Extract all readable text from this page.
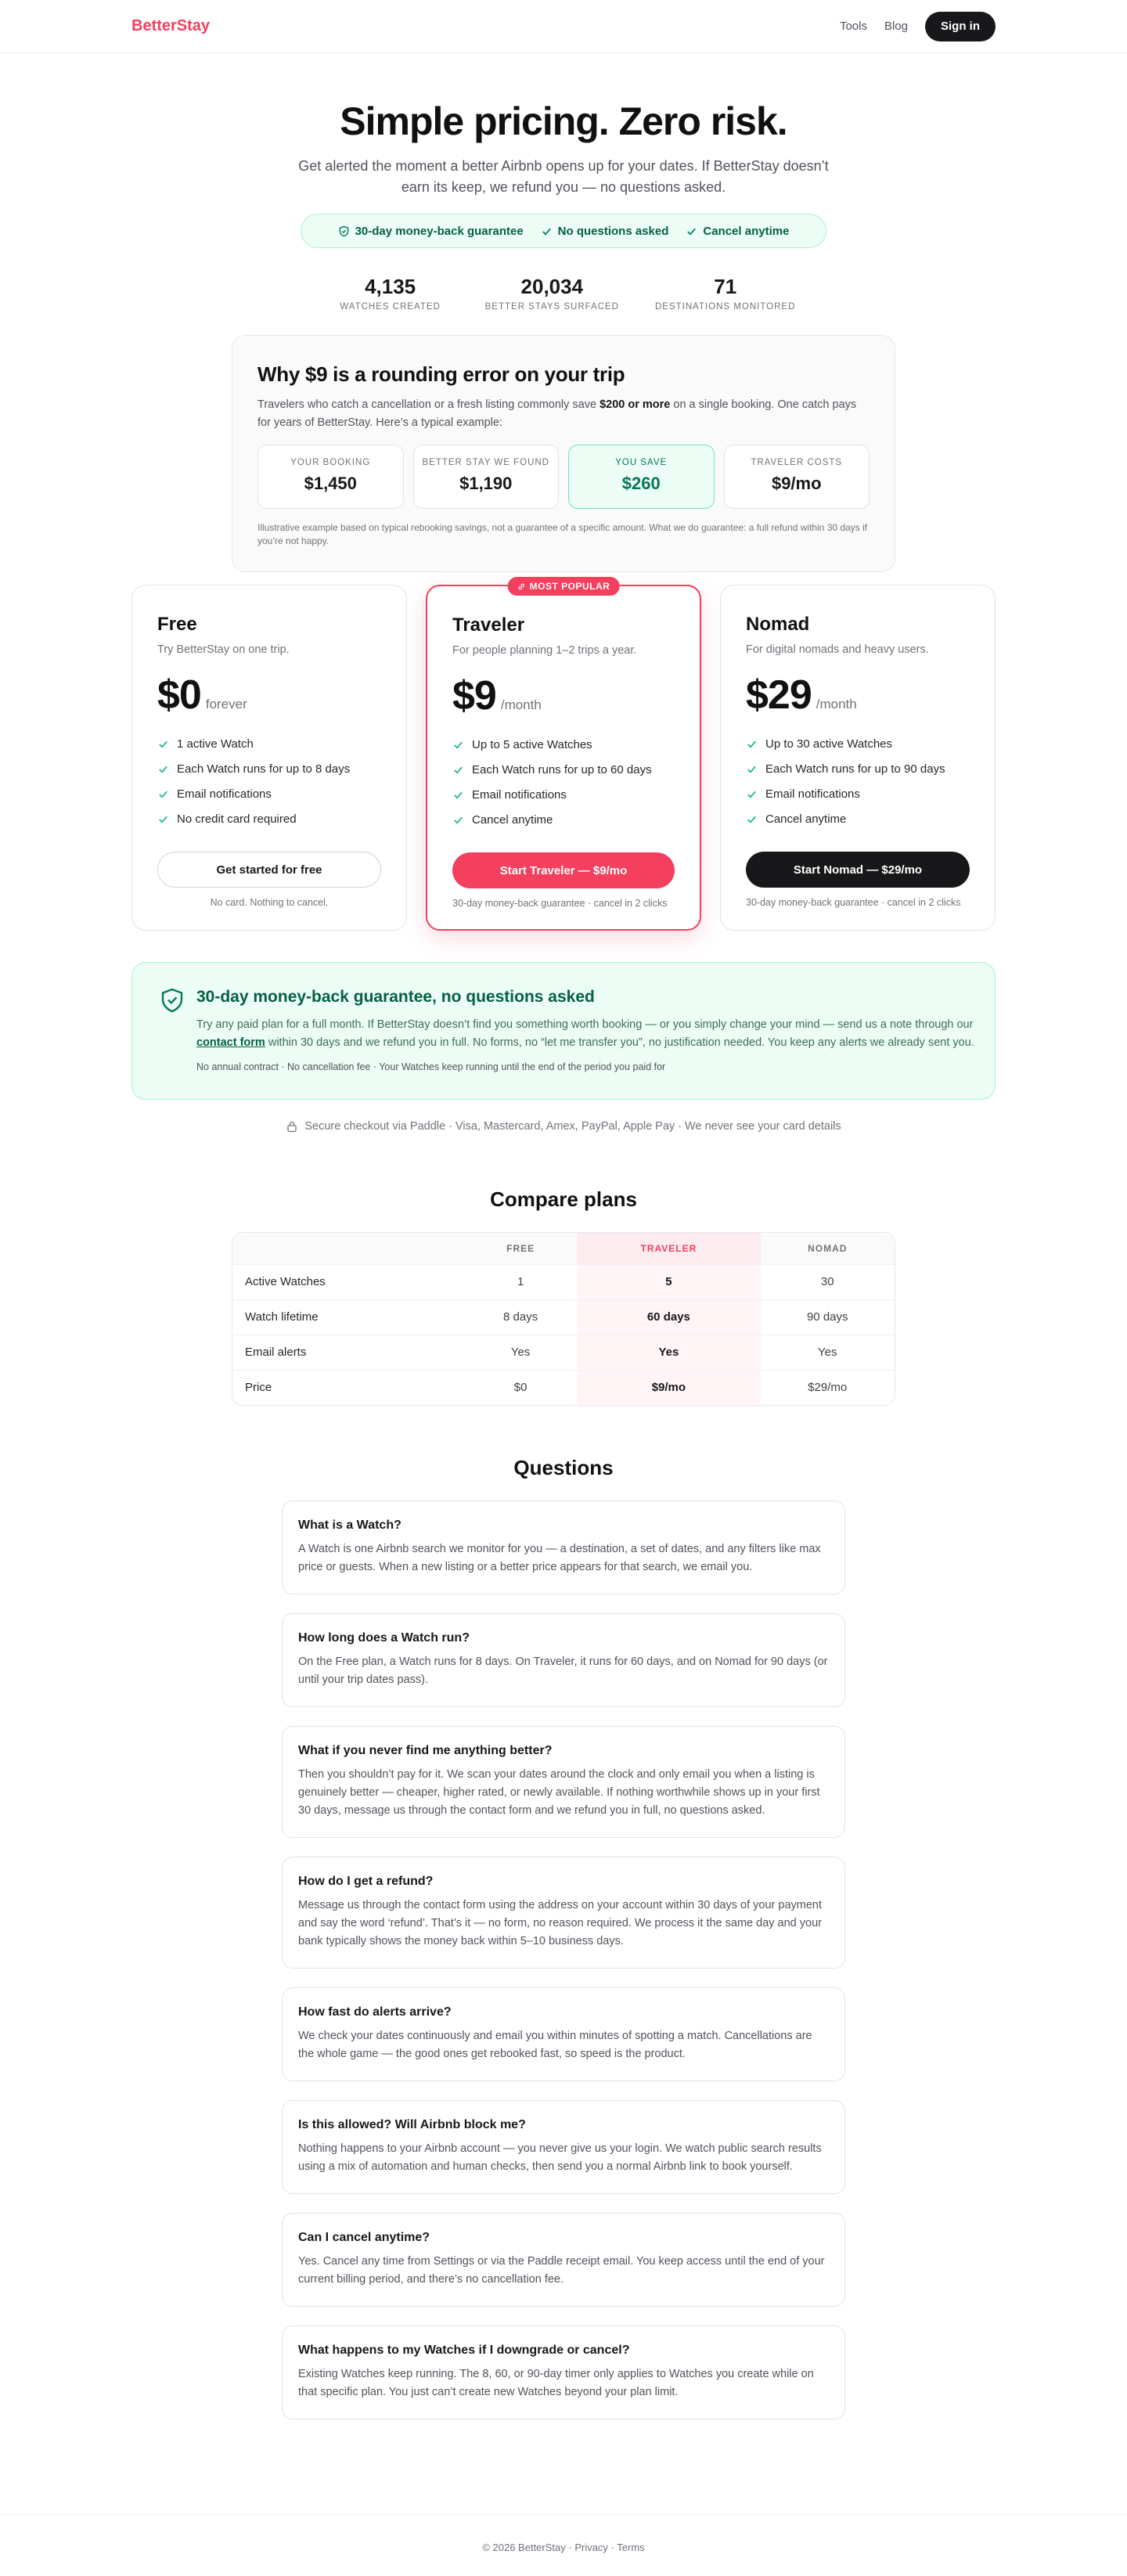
BetterStay	Tools Blog	Sign in
Simple pricing. Zero risk.

Get alerted the moment a better Airbnb opens up for your dates. If BetterStay doesn’t earn its keep, we refund you — no questions asked.

30-day money-back guarantee	No questions asked	Cancel anytime
4,135
WATCHES CREATED
20,034
BETTER STAYS SURFACED
71
DESTINATIONS MONITORED
Why $9 is a rounding error on your trip

Travelers who catch a cancellation or a fresh listing commonly save $200 or more on a single booking. One catch pays for years of BetterStay. Here’s a typical example:

YOUR BOOKING
$1,450
BETTER STAY WE FOUND
$1,190
YOU SAVE
$260
TRAVELER COSTS
$9/mo

Illustrative example based on typical rebooking savings, not a guarantee of a specific amount. What we do guarantee: a full refund within 30 days if you’re not happy.

Free
Try BetterStay on one trip.
$0 forever
1 active Watch
Each Watch runs for up to 8 days
Email notifications
No credit card required
Get started for free
No card. Nothing to cancel.
MOST POPULAR
Traveler
For people planning 1–2 trips a year.
$9 /month
Up to 5 active Watches
Each Watch runs for up to 60 days
Email notifications
Cancel anytime
Start Traveler — $9/mo
30-day money-back guarantee · cancel in 2 clicks
Nomad
For digital nomads and heavy users.
$29 /month
Up to 30 active Watches
Each Watch runs for up to 90 days
Email notifications
Cancel anytime
Start Nomad — $29/mo
30-day money-back guarantee · cancel in 2 clicks
30-day money-back guarantee, no questions asked

Try any paid plan for a full month. If BetterStay doesn’t find you something worth booking — or you simply change your mind — send us a note through our contact form within 30 days and we refund you in full. No forms, no “let me transfer you”, no justification needed. You keep any alerts we already sent you.

No annual contract · No cancellation fee · Your Watches keep running until the end of the period you paid for
Secure checkout via Paddle · Visa, Mastercard, Amex, PayPal, Apple Pay · We never see your card details
Compare plans
	FREE	TRAVELER	NOMAD
Active Watches	1	5	30
Watch lifetime	8 days	60 days	90 days
Email alerts	Yes	Yes	Yes
Price	$0	$9/mo	$29/mo
Questions
What is a Watch?

A Watch is one Airbnb search we monitor for you — a destination, a set of dates, and any filters like max price or guests. When a new listing or a better price appears for that search, we email you.

How long does a Watch run?

On the Free plan, a Watch runs for 8 days. On Traveler, it runs for 60 days, and on Nomad for 90 days (or until your trip dates pass).

What if you never find me anything better?

Then you shouldn’t pay for it. We scan your dates around the clock and only email you when a listing is genuinely better — cheaper, higher rated, or newly available. If nothing worthwhile shows up in your first 30 days, message us through the contact form and we refund you in full, no questions asked.

How do I get a refund?

Message us through the contact form using the address on your account within 30 days of your payment and say the word ‘refund’. That’s it — no form, no reason required. We process it the same day and your bank typically shows the money back within 5–10 business days.

How fast do alerts arrive?

We check your dates continuously and email you within minutes of spotting a match. Cancellations are the whole game — the good ones get rebooked fast, so speed is the product.

Is this allowed? Will Airbnb block me?

Nothing happens to your Airbnb account — you never give us your login. We watch public search results using a mix of automation and human checks, then send you a normal Airbnb link to book yourself.

Can I cancel anytime?

Yes. Cancel any time from Settings or via the Paddle receipt email. You keep access until the end of your current billing period, and there’s no cancellation fee.

What happens to my Watches if I downgrade or cancel?

Existing Watches keep running. The 8, 60, or 90-day timer only applies to Watches you create while on that specific plan. You just can’t create new Watches beyond your plan limit.

© 2026 BetterStay · Privacy · Terms
